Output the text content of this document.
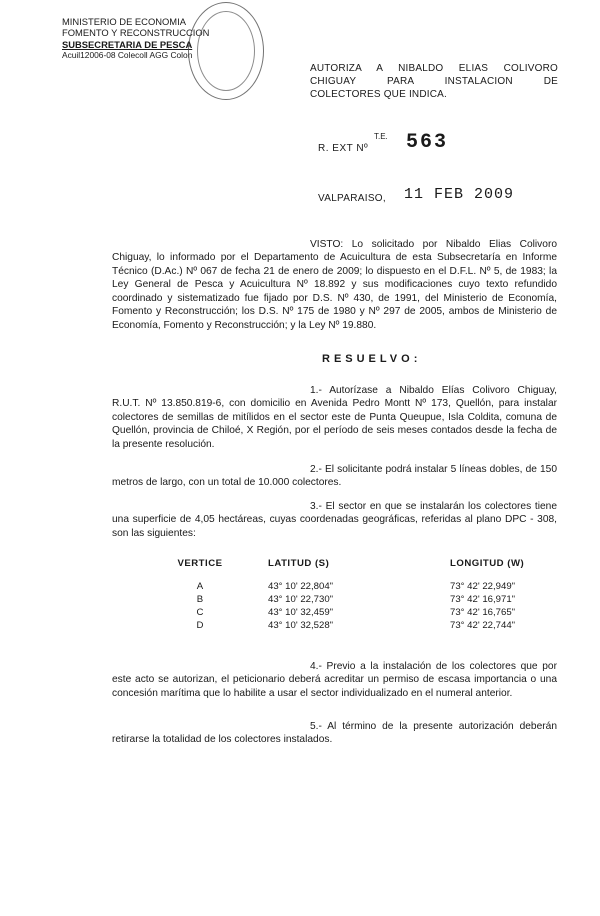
MINISTERIO DE ECONOMIA
FOMENTO Y RECONSTRUCCION
SUBSECRETARIA DE PESCA
Acuil12006-08 Colecoll AGG Colon
AUTORIZA A NIBALDO ELIAS COLIVORO
CHIGUAY PARA INSTALACION DE
COLECTORES QUE INDICA.
T.E.
R. EXT Nº 563
VALPARAISO, 11 FEB 2009
VISTO: Lo solicitado por Nibaldo Elias Colivoro Chiguay, lo informado por el Departamento de Acuicultura de esta Subsecretaría en Informe Técnico (D.Ac.) Nº 067 de fecha 21 de enero de 2009; lo dispuesto en el D.F.L. Nº 5, de 1983; la Ley General de Pesca y Acuicultura Nº 18.892 y sus modificaciones cuyo texto refundido coordinado y sistematizado fue fijado por D.S. Nº 430, de 1991, del Ministerio de Economía, Fomento y Reconstrucción; los D.S. Nº 175 de 1980 y Nº 297 de 2005, ambos de Ministerio de Economía, Fomento y Reconstrucción; y la Ley Nº 19.880.
RESUELVO:
1.- Autorízase a Nibaldo Elías Colivoro Chiguay, R.U.T. Nº 13.850.819-6, con domicilio en Avenida Pedro Montt Nº 173, Quellón, para instalar colectores de semillas de mitílidos en el sector este de Punta Queupue, Isla Coldita, comuna de Quellón, provincia de Chiloé, X Región, por el período de seis meses contados desde la fecha de la presente resolución.
2.- El solicitante podrá instalar 5 líneas dobles, de 150 metros de largo, con un total de 10.000 colectores.
3.- El sector en que se instalarán los colectores tiene una superficie de 4,05 hectáreas, cuyas coordenadas geográficas, referidas al plano DPC - 308, son las siguientes:
VERTICE	LATITUD (S)	LONGITUD (W)
A	43° 10' 22,804"	73° 42' 22,949"
B	43° 10' 22,730"	73° 42' 16,971"
C	43° 10' 32,459"	73° 42' 16,765"
D	43° 10' 32,528"	73° 42' 22,744"
4.- Previo a la instalación de los colectores que por este acto se autorizan, el peticionario deberá acreditar un permiso de escasa importancia o una concesión marítima que lo habilite a usar el sector individualizado en el numeral anterior.
5.- Al término de la presente autorización deberán retirarse la totalidad de los colectores instalados.
